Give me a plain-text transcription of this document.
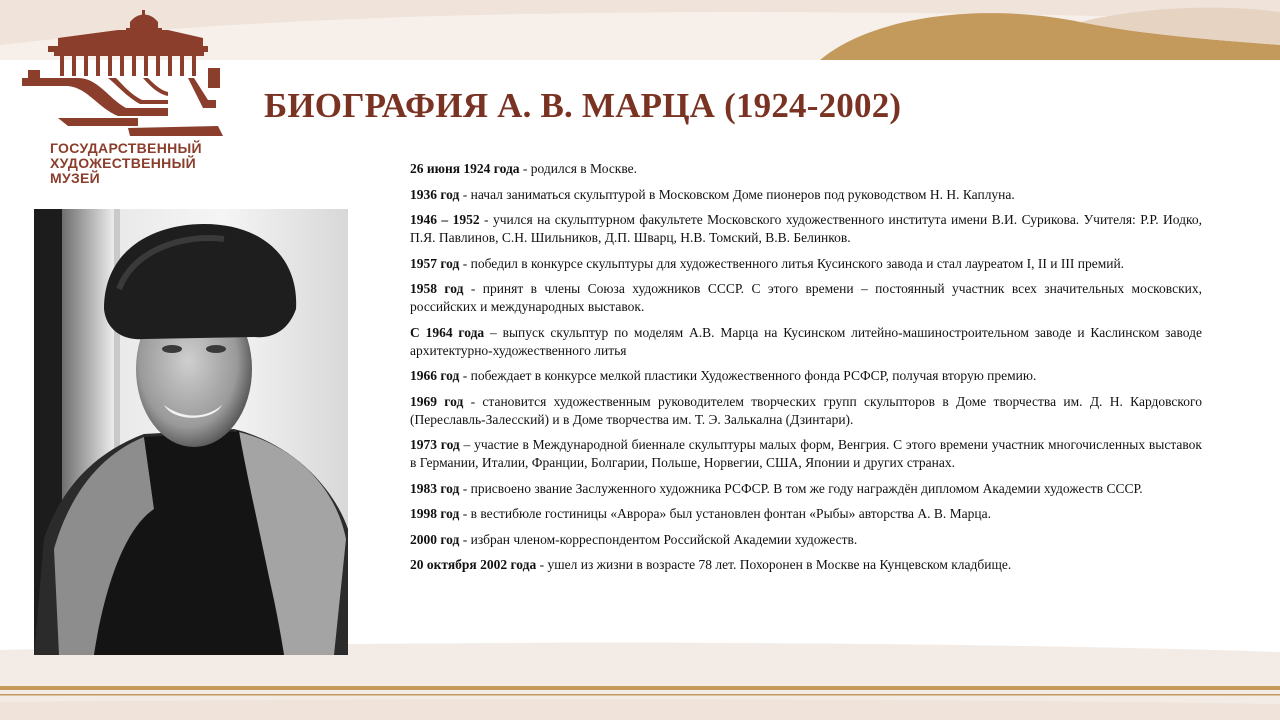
ГОСУДАРСТВЕННЫЙ
ХУДОЖЕСТВЕННЫЙ
МУЗЕЙ
БИОГРАФИЯ А. В. МАРЦА (1924-2002)

26 июня 1924 года - родился в Москве.

1936 год - начал заниматься скульптурой в Московском Доме пионеров под руководством Н. Н. Каплуна.

1946 – 1952 - учился на скульптурном факультете Московского художественного института имени В.И. Сурикова. Учителя: Р.Р. Иодко, П.Я. Павлинов, С.Н. Шильников, Д.П. Шварц, Н.В. Томский, В.В. Белинков.

1957 год - победил в конкурсе скульптуры для художественного литья Кусинского завода и стал лауреатом I, II и III премий.

1958 год - принят в члены Союза художников СССР. С этого времени – постоянный участник всех значительных московских, российских и международных выставок.

С 1964 года – выпуск скульптур по моделям А.В. Марца на Кусинском литейно-машиностроительном заводе и Каслинском заводе архитектурно-художественного литья

1966 год - побеждает в конкурсе мелкой пластики Художественного фонда РСФСР, получая вторую премию.

1969 год - становится художественным руководителем творческих групп скульпторов в Доме творчества им. Д. Н. Кардовского (Переславль-Залесский) и в Доме творчества им. Т. Э. Залькална (Дзинтари).

1973 год – участие в Международной биеннале скульптуры малых форм, Венгрия. С этого времени участник многочисленных выставок в Германии, Италии, Франции, Болгарии, Польше, Норвегии, США, Японии и других странах.

1983 год - присвоено звание Заслуженного художника РСФСР. В том же году награждён дипломом Академии художеств СССР.

1998 год - в вестибюле гостиницы «Аврора» был установлен фонтан «Рыбы» авторства А. В. Марца.

2000 год - избран членом-корреспондентом Российской Академии художеств.

20 октября 2002 года - ушел из жизни в возрасте 78 лет. Похоронен в Москве на Кунцевском кладбище.
